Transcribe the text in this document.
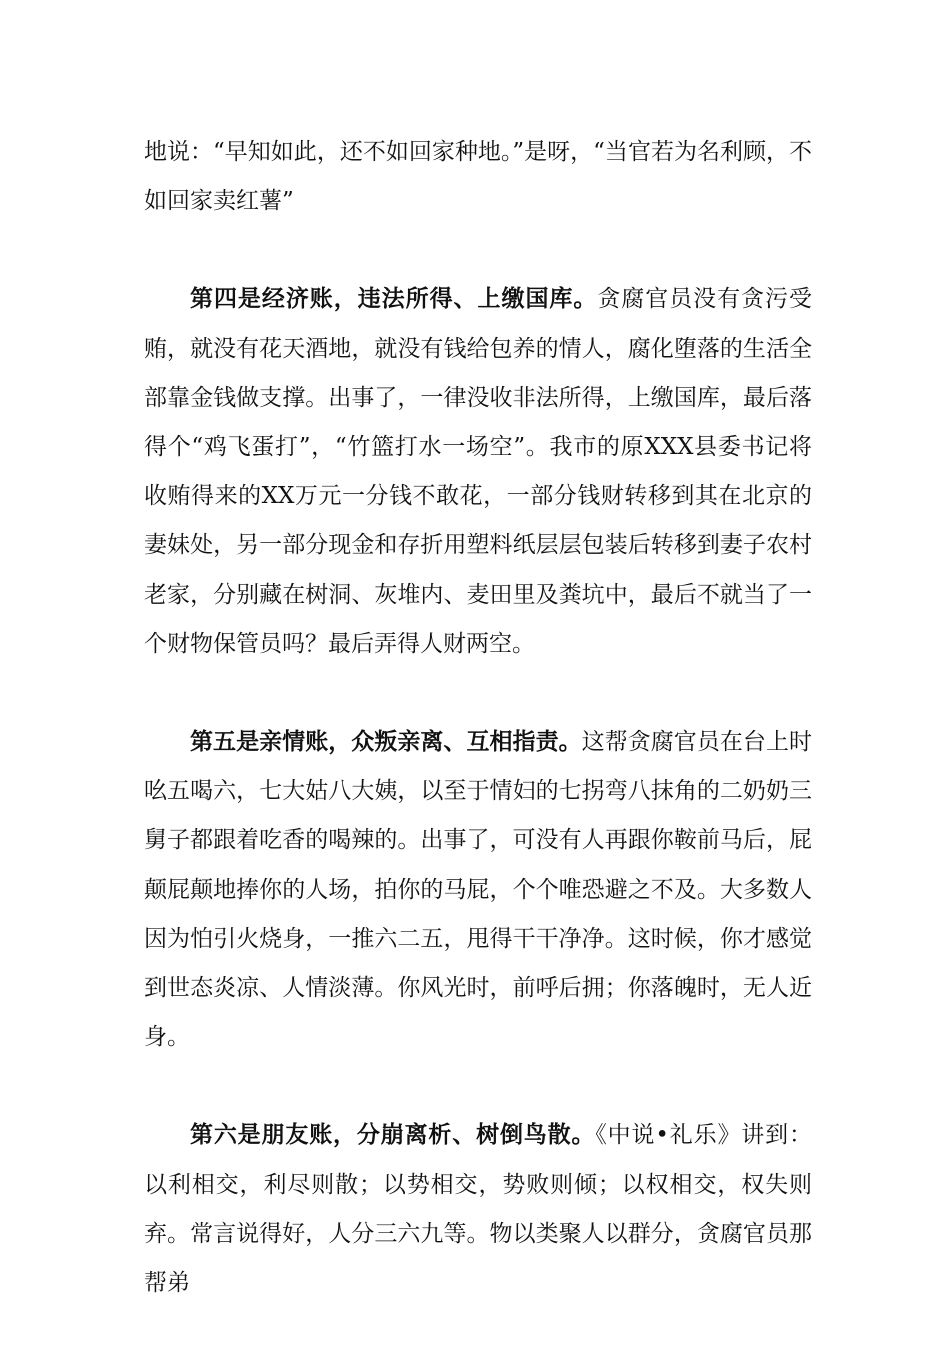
地说：“早知如此，还不如回家种地。”是呀，“当官若为名利顾，不如回家卖红薯”

第四是经济账，违法所得、上缴国库。贪腐官员没有贪污受贿，就没有花天酒地，就没有钱给包养的情人，腐化堕落的生活全部靠金钱做支撑。出事了，一律没收非法所得，上缴国库，最后落得个“鸡飞蛋打”，“竹篮打水一场空”。我市的原XXX县委书记将收贿得来的XX万元一分钱不敢花，一部分钱财转移到其在北京的妻妹处，另一部分现金和存折用塑料纸层层包装后转移到妻子农村老家，分别藏在树洞、灰堆内、麦田里及粪坑中，最后不就当了一个财物保管员吗？最后弄得人财两空。

第五是亲情账，众叛亲离、互相指责。这帮贪腐官员在台上时吆五喝六，七大姑八大姨，以至于情妇的七拐弯八抹角的二奶奶三舅子都跟着吃香的喝辣的。出事了，可没有人再跟你鞍前马后，屁颠屁颠地捧你的人场，拍你的马屁，个个唯恐避之不及。大多数人因为怕引火烧身，一推六二五，甩得干干净净。这时候，你才感觉到世态炎凉、人情淡薄。你风光时，前呼后拥；你落魄时，无人近身。

第六是朋友账，分崩离析、树倒鸟散。《中说•礼乐》讲到：以利相交，利尽则散；以势相交，势败则倾；以权相交，权失则弃。常言说得好，人分三六九等。物以类聚人以群分，贪腐官员那帮弟
